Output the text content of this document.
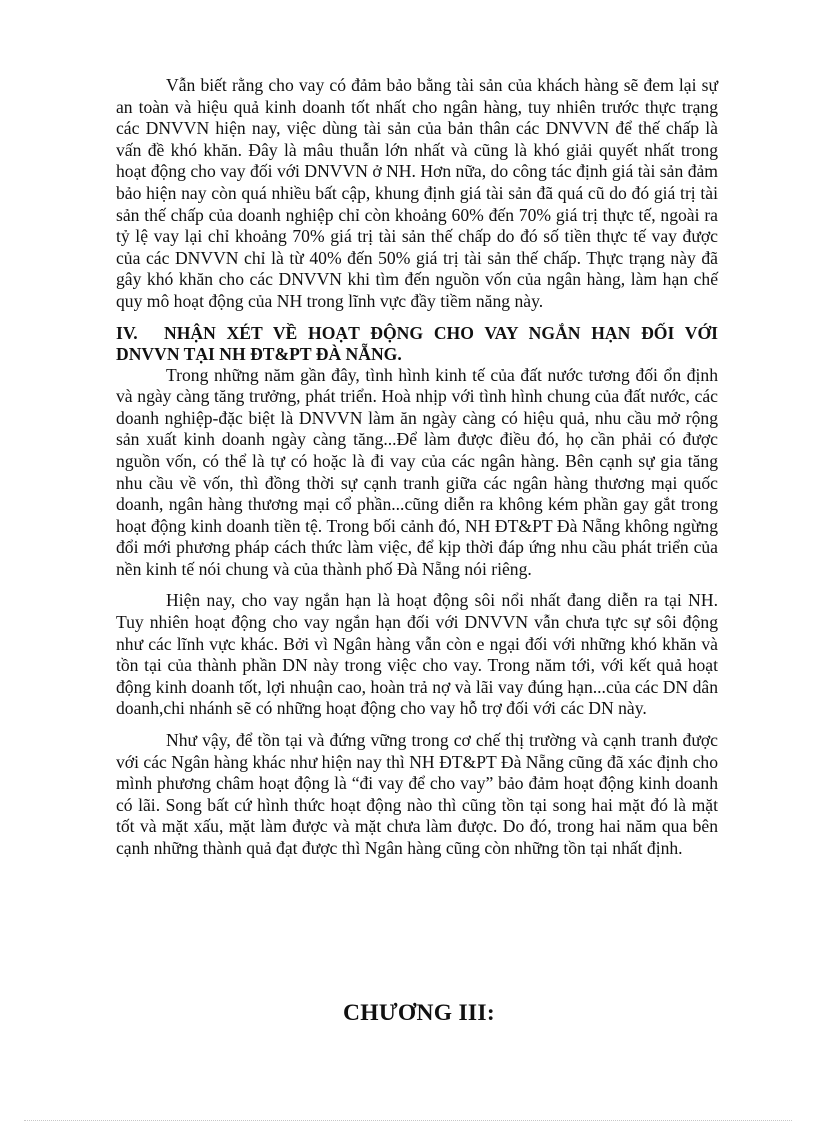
Vẫn biết rằng cho vay có đảm bảo bằng tài sản của khách hàng sẽ đem lại sự an toàn và hiệu quả kinh doanh tốt nhất cho ngân hàng, tuy nhiên trước thực trạng các DNVVN hiện nay, việc dùng tài sản của bản thân các DNVVN để thế chấp là vấn đề khó khăn. Đây là mâu thuẫn lớn nhất và cũng là khó giải quyết nhất trong hoạt động cho vay đối với DNVVN ở NH. Hơn nữa, do công tác định giá tài sản đảm bảo hiện nay còn quá nhiều bất cập, khung định giá tài sản đã quá cũ do đó giá trị tài sản thế chấp của doanh nghiệp chỉ còn khoảng 60% đến 70% giá trị thực tế, ngoài ra tỷ lệ vay lại chỉ khoảng 70% giá trị tài sản thế chấp do đó số tiền thực tế vay được của các DNVVN chỉ là từ 40% đến 50% giá trị tài sản thế chấp. Thực trạng này đã gây khó khăn cho các DNVVN khi tìm đến nguồn vốn của ngân hàng, làm hạn chế quy mô hoạt động của NH trong lĩnh vực đầy tiềm năng này.

IV. NHẬN XÉT VỀ HOẠT ĐỘNG CHO VAY NGẮN HẠN ĐỐI VỚI DNVVN TẠI NH ĐT&PT ĐÀ NẴNG.

Trong những năm gần đây, tình hình kinh tế của đất nước tương đối ổn định và ngày càng tăng trưởng, phát triển. Hoà nhịp với tình hình chung của đất nước, các doanh nghiệp-đặc biệt là DNVVN làm ăn ngày càng có hiệu quả, nhu cầu mở rộng sản xuất kinh doanh ngày càng tăng...Để làm được điều đó, họ cần phải có được nguồn vốn, có thể là tự có hoặc là đi vay của các ngân hàng. Bên cạnh sự gia tăng nhu cầu về vốn, thì đồng thời sự cạnh tranh giữa các ngân hàng thương mại quốc doanh, ngân hàng thương mại cổ phần...cũng diễn ra không kém phần gay gắt trong hoạt động kinh doanh tiền tệ. Trong bối cảnh đó, NH ĐT&PT Đà Nẵng không ngừng đổi mới phương pháp cách thức làm việc, để kịp thời đáp ứng nhu cầu phát triển của nền kinh tế nói chung và của thành phố Đà Nẵng nói riêng.

Hiện nay, cho vay ngắn hạn là hoạt động sôi nổi nhất đang diễn ra tại NH. Tuy nhiên hoạt động cho vay ngắn hạn đối với DNVVN vẫn chưa tực sự sôi động như các lĩnh vực khác. Bởi vì Ngân hàng vẫn còn e ngại đối với những khó khăn và tồn tại của thành phần DN này trong việc cho vay. Trong năm tới, với kết quả hoạt động kinh doanh tốt, lợi nhuận cao, hoàn trả nợ và lãi vay đúng hạn...của các DN dân doanh,chi nhánh sẽ có những hoạt động cho vay hỗ trợ đối với các DN này.

Như vậy, để tồn tại và đứng vững trong cơ chế thị trường và cạnh tranh được với các Ngân hàng khác như hiện nay thì NH ĐT&PT Đà Nẵng cũng đã xác định cho mình phương châm hoạt động là “đi vay để cho vay” bảo đảm hoạt động kinh doanh có lãi. Song bất cứ hình thức hoạt động nào thì cũng tồn tại song hai mặt đó là mặt tốt và mặt xấu, mặt làm được và mặt chưa làm được. Do đó, trong hai năm qua bên cạnh những thành quả đạt được thì Ngân hàng cũng còn những tồn tại nhất định.

CHƯƠNG III:
